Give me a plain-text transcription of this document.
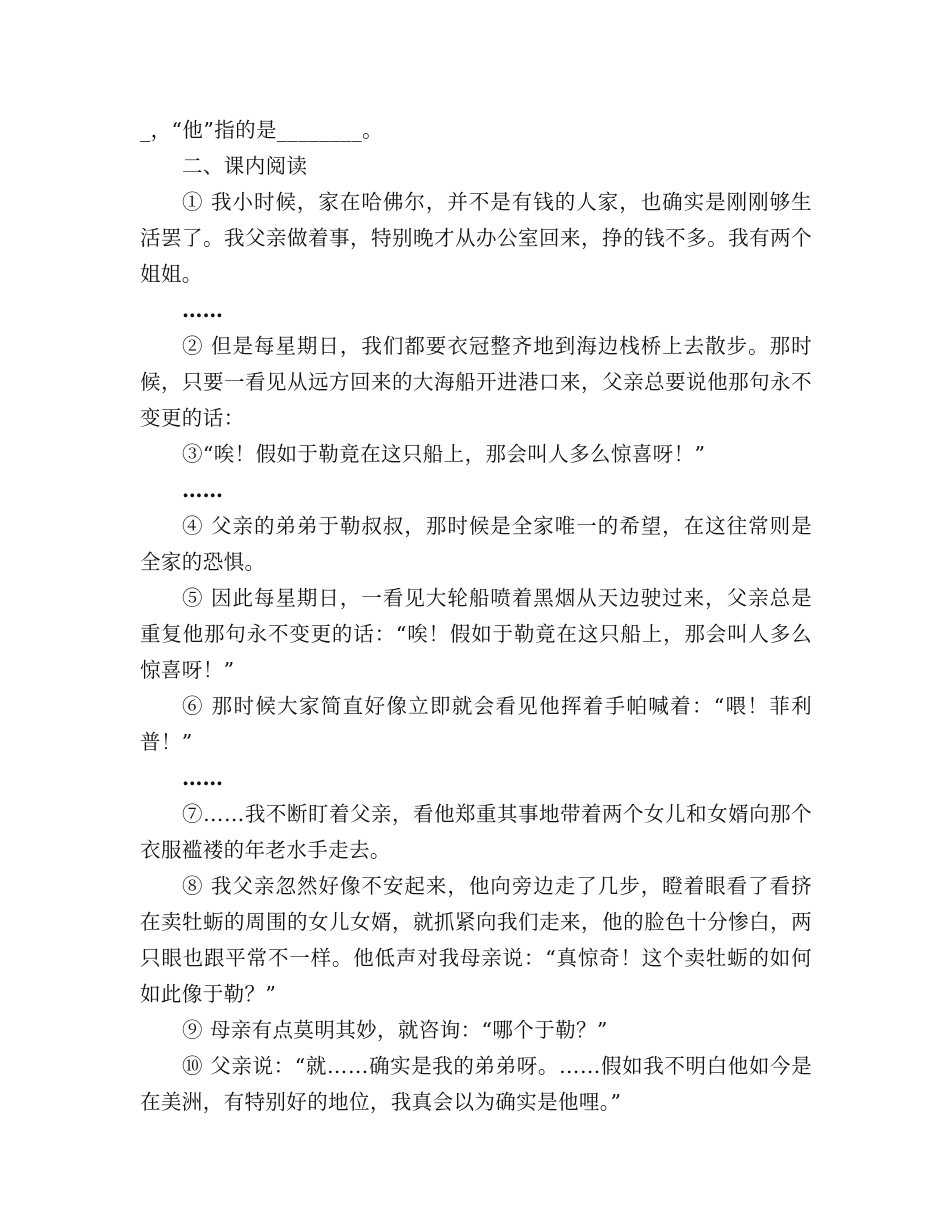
_，“他”指的是________。

二、课内阅读

① 我小时候，家在哈佛尔，并不是有钱的人家，也确实是刚刚够生活罢了。我父亲做着事，特别晚才从办公室回来，挣的钱不多。我有两个姐姐。

……

② 但是每星期日，我们都要衣冠整齐地到海边栈桥上去散步。那时候，只要一看见从远方回来的大海船开进港口来，父亲总要说他那句永不变更的话：

③“唉！假如于勒竟在这只船上，那会叫人多么惊喜呀！”

……

④ 父亲的弟弟于勒叔叔，那时候是全家唯一的希望，在这往常则是全家的恐惧。

⑤ 因此每星期日，一看见大轮船喷着黑烟从天边驶过来，父亲总是重复他那句永不变更的话：“唉！假如于勒竟在这只船上，那会叫人多么惊喜呀！”

⑥ 那时候大家简直好像立即就会看见他挥着手帕喊着：“喂！菲利普！”

……

⑦……我不断盯着父亲，看他郑重其事地带着两个女儿和女婿向那个衣服褴褛的年老水手走去。

⑧ 我父亲忽然好像不安起来，他向旁边走了几步，瞪着眼看了看挤在卖牡蛎的周围的女儿女婿，就抓紧向我们走来，他的脸色十分惨白，两只眼也跟平常不一样。他低声对我母亲说：“真惊奇！这个卖牡蛎的如何如此像于勒？”

⑨ 母亲有点莫明其妙，就咨询：“哪个于勒？”

⑩ 父亲说：“就……确实是我的弟弟呀。……假如我不明白他如今是在美洲，有特别好的地位，我真会以为确实是他哩。”
